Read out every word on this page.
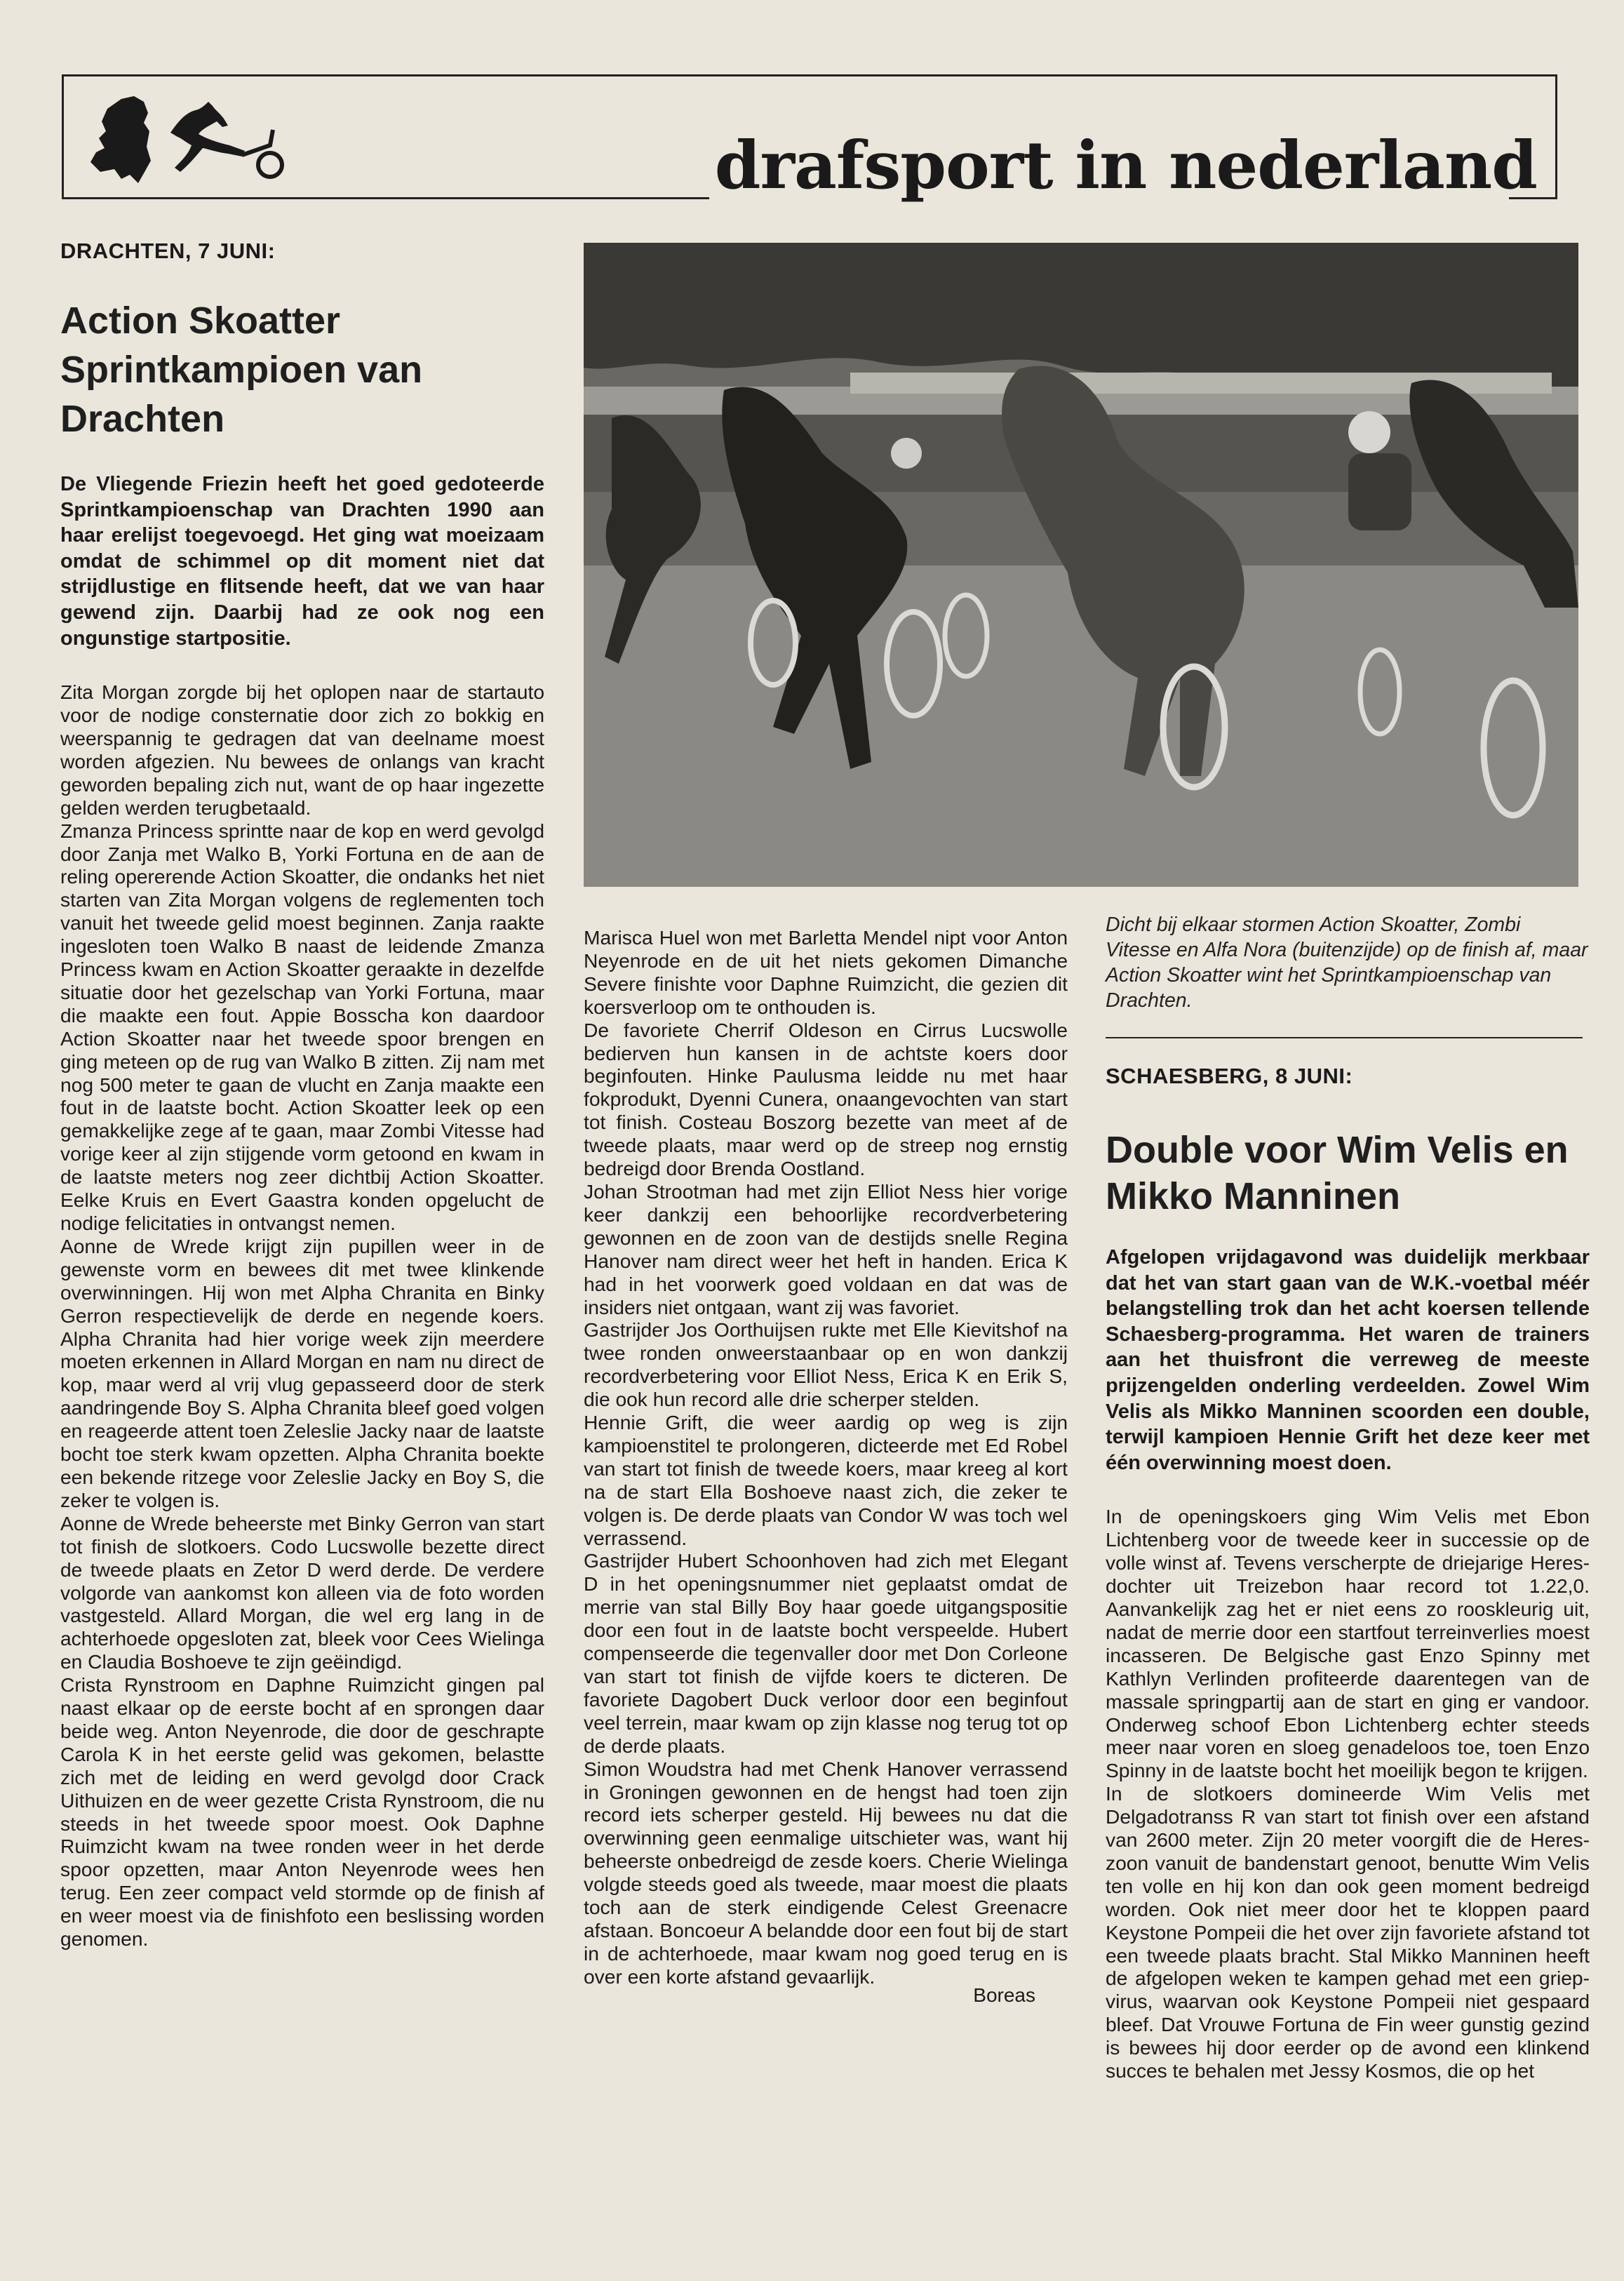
drafsport in nederland
DRACHTEN, 7 JUNI:
Action Skoatter Sprintkampioen van Drachten

De Vliegende Friezin heeft het goed gedoteerde Sprintkampioenschap van Drachten 1990 aan haar erelijst toegevoegd. Het ging wat moeizaam omdat de schimmel op dit moment niet dat strijdlustige en flitsende heeft, dat we van haar gewend zijn. Daarbij had ze ook nog een ongunstige startpositie.

Zita Morgan zorgde bij het oplopen naar de startauto voor de nodige consternatie door zich zo bokkig en weerspannig te gedragen dat van deelname moest worden afgezien. Nu bewees de onlangs van kracht geworden bepaling zich nut, want de op haar ingezette gelden werden terugbetaald.

Zmanza Princess sprintte naar de kop en werd gevolgd door Zanja met Walko B, Yorki Fortuna en de aan de reling opererende Action Skoatter, die ondanks het niet starten van Zita Morgan volgens de reglementen toch vanuit het tweede gelid moest beginnen. Zanja raakte ingesloten toen Walko B naast de leidende Zmanza Princess kwam en Action Skoatter geraakte in dezelfde situatie door het gezelschap van Yorki Fortuna, maar die maakte een fout. Appie Bosscha kon daardoor Action Skoatter naar het tweede spoor brengen en ging meteen op de rug van Walko B zitten. Zij nam met nog 500 meter te gaan de vlucht en Zanja maakte een fout in de laatste bocht. Action Skoatter leek op een gemakkelijke zege af te gaan, maar Zombi Vitesse had vorige keer al zijn stijgende vorm getoond en kwam in de laatste meters nog zeer dichtbij Action Skoatter. Eelke Kruis en Evert Gaastra konden opgelucht de nodige felicitaties in ontvangst nemen.

Aonne de Wrede krijgt zijn pupillen weer in de gewenste vorm en bewees dit met twee klinkende overwinningen. Hij won met Alpha Chranita en Binky Gerron respectievelijk de derde en negende koers. Alpha Chranita had hier vorige week zijn meerdere moeten erkennen in Allard Morgan en nam nu direct de kop, maar werd al vrij vlug gepasseerd door de sterk aandringende Boy S. Alpha Chranita bleef goed volgen en reageerde attent toen Zeleslie Jacky naar de laatste bocht toe sterk kwam opzetten. Alpha Chranita boekte een bekende ritzege voor Zeleslie Jacky en Boy S, die zeker te volgen is.

Aonne de Wrede beheerste met Binky Gerron van start tot finish de slotkoers. Codo Lucswolle bezette direct de tweede plaats en Zetor D werd derde. De verdere volgorde van aankomst kon alleen via de foto worden vastgesteld. Allard Morgan, die wel erg lang in de achterhoede opgesloten zat, bleek voor Cees Wielinga en Claudia Boshoeve te zijn geëindigd.

Crista Rynstroom en Daphne Ruimzicht gingen pal naast elkaar op de eerste bocht af en sprongen daar beide weg. Anton Neyenrode, die door de geschrapte Carola K in het eerste gelid was gekomen, belastte zich met de leiding en werd gevolgd door Crack Uithuizen en de weer gezette Crista Rynstroom, die nu steeds in het tweede spoor moest. Ook Daphne Ruimzicht kwam na twee ronden weer in het derde spoor opzetten, maar Anton Neyenrode wees hen terug. Een zeer compact veld stormde op de finish af en weer moest via de finishfoto een beslissing worden genomen.

Marisca Huel won met Barletta Mendel nipt voor Anton Neyenrode en de uit het niets gekomen Dimanche Severe finishte voor Daphne Ruimzicht, die gezien dit koersverloop om te onthouden is.

De favoriete Cherrif Oldeson en Cirrus Lucswolle bedierven hun kansen in de achtste koers door beginfouten. Hinke Paulusma leidde nu met haar fokprodukt, Dyenni Cunera, onaangevochten van start tot finish. Costeau Boszorg bezette van meet af de tweede plaats, maar werd op de streep nog ernstig bedreigd door Brenda Oostland.

Johan Strootman had met zijn Elliot Ness hier vorige keer dankzij een behoorlijke recordverbetering gewonnen en de zoon van de destijds snelle Regina Hanover nam direct weer het heft in handen. Erica K had in het voorwerk goed voldaan en dat was de insiders niet ontgaan, want zij was favoriet.

Gastrijder Jos Oorthuijsen rukte met Elle Kievitshof na twee ronden onweerstaanbaar op en won dankzij recordverbetering voor Elliot Ness, Erica K en Erik S, die ook hun record alle drie scherper stelden.

Hennie Grift, die weer aardig op weg is zijn kampioenstitel te prolongeren, dicteerde met Ed Robel van start tot finish de tweede koers, maar kreeg al kort na de start Ella Boshoeve naast zich, die zeker te volgen is. De derde plaats van Condor W was toch wel verrassend.

Gastrijder Hubert Schoonhoven had zich met Elegant D in het openingsnummer niet geplaatst omdat de merrie van stal Billy Boy haar goede uitgangspositie door een fout in de laatste bocht verspeelde. Hubert compenseerde die tegenvaller door met Don Corleone van start tot finish de vijfde koers te dicteren. De favoriete Dagobert Duck verloor door een beginfout veel terrein, maar kwam op zijn klasse nog terug tot op de derde plaats.

Simon Woudstra had met Chenk Hanover verrassend in Groningen gewonnen en de hengst had toen zijn record iets scherper gesteld. Hij bewees nu dat die overwinning geen eenmalige uitschieter was, want hij beheerste onbedreigd de zesde koers. Cherie Wielinga volgde steeds goed als tweede, maar moest die plaats toch aan de sterk eindigende Celest Greenacre afstaan. Boncoeur A belandde door een fout bij de start in de achterhoede, maar kwam nog goed terug en is over een korte afstand gevaarlijk.

Boreas

Dicht bij elkaar stormen Action Skoatter, Zombi Vitesse en Alfa Nora (buitenzijde) op de finish af, maar Action Skoatter wint het Sprintkampioenschap van Drachten.

SCHAESBERG, 8 JUNI:
Double voor Wim Velis en Mikko Manninen

Afgelopen vrijdagavond was duidelijk merkbaar dat het van start gaan van de W.K.-voetbal méér belangstelling trok dan het acht koersen tellende Schaesberg-programma. Het waren de trainers aan het thuisfront die verreweg de meeste prijzengelden onderling verdeelden. Zowel Wim Velis als Mikko Manninen scoorden een double, terwijl kampioen Hennie Grift het deze keer met één overwinning moest doen.

In de openingskoers ging Wim Velis met Ebon Lichtenberg voor de tweede keer in successie op de volle winst af. Tevens verscherpte de driejarige Heres-dochter uit Treizebon haar record tot 1.22,0. Aanvankelijk zag het er niet eens zo rooskleurig uit, nadat de merrie door een startfout terreinverlies moest incasseren. De Belgische gast Enzo Spinny met Kathlyn Verlinden profiteerde daarentegen van de massale springpartij aan de start en ging er vandoor. Onderweg schoof Ebon Lichtenberg echter steeds meer naar voren en sloeg genadeloos toe, toen Enzo Spinny in de laatste bocht het moeilijk begon te krijgen.

In de slotkoers domineerde Wim Velis met Delgadotranss R van start tot finish over een afstand van 2600 meter. Zijn 20 meter voorgift die de Heres-zoon vanuit de bandenstart genoot, benutte Wim Velis ten volle en hij kon dan ook geen moment bedreigd worden. Ook niet meer door het te kloppen paard Keystone Pompeii die het over zijn favoriete afstand tot een tweede plaats bracht. Stal Mikko Manninen heeft de afgelopen weken te kampen gehad met een griep-virus, waarvan ook Keystone Pompeii niet gespaard bleef. Dat Vrouwe Fortuna de Fin weer gunstig gezind is bewees hij door eerder op de avond een klinkend succes te behalen met Jessy Kosmos, die op het
